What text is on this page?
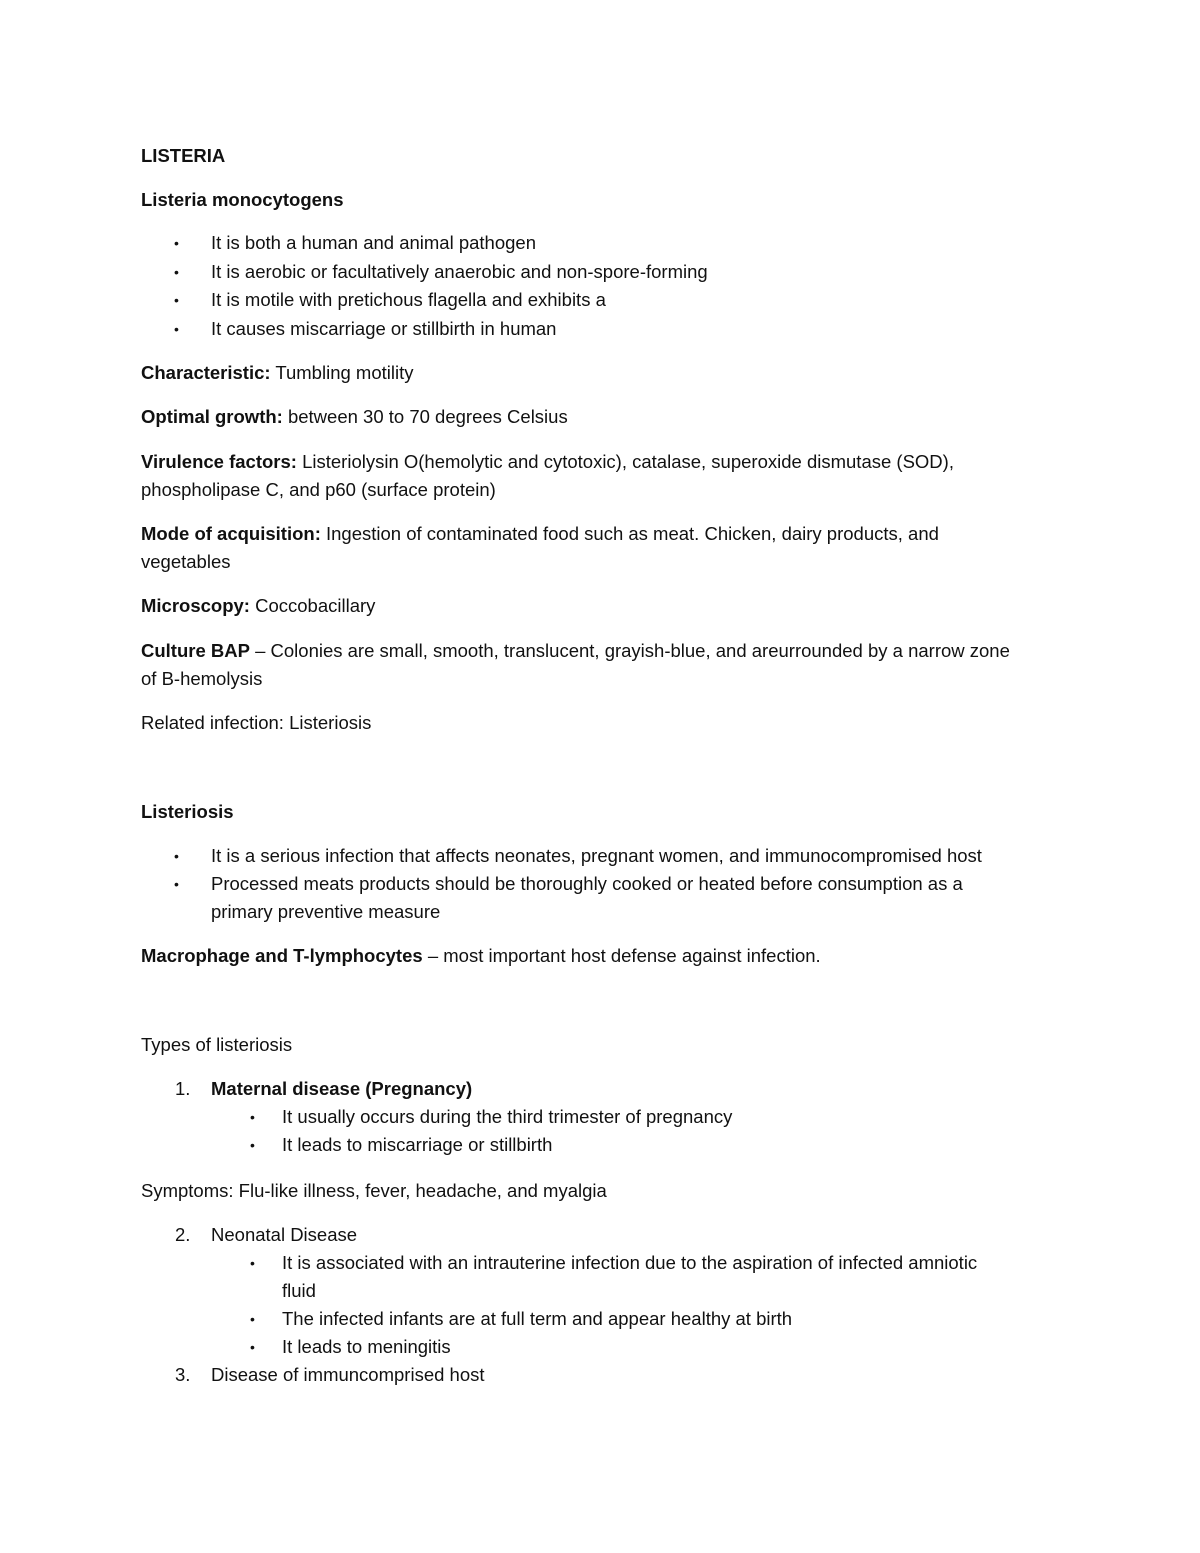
LISTERIA
Listeria monocytogens
• It is both a human and animal pathogen
• It is aerobic or facultatively anaerobic and non-spore-forming
• It is motile with pretichous flagella and exhibits a
• It causes miscarriage or stillbirth in human
Characteristic: Tumbling motility
Optimal growth: between 30 to 70 degrees Celsius
Virulence factors: Listeriolysin O(hemolytic and cytotoxic), catalase, superoxide dismutase (SOD),
phospholipase C, and p60 (surface protein)
Mode of acquisition: Ingestion of contaminated food such as meat. Chicken, dairy products, and
vegetables
Microscopy: Coccobacillary
Culture BAP – Colonies are small, smooth, translucent, grayish-blue, and areurrounded by a narrow zone
of B-hemolysis
Related infection: Listeriosis
Listeriosis
• It is a serious infection that affects neonates, pregnant women, and immunocompromised host
• Processed meats products should be thoroughly cooked or heated before consumption as a
primary preventive measure
Macrophage and T-lymphocytes – most important host defense against infection.
Types of listeriosis
1. Maternal disease (Pregnancy)
• It usually occurs during the third trimester of pregnancy
• It leads to miscarriage or stillbirth
Symptoms: Flu-like illness, fever, headache, and myalgia
2. Neonatal Disease
• It is associated with an intrauterine infection due to the aspiration of infected amniotic
fluid
• The infected infants are at full term and appear healthy at birth
• It leads to meningitis
3. Disease of immuncomprised host
